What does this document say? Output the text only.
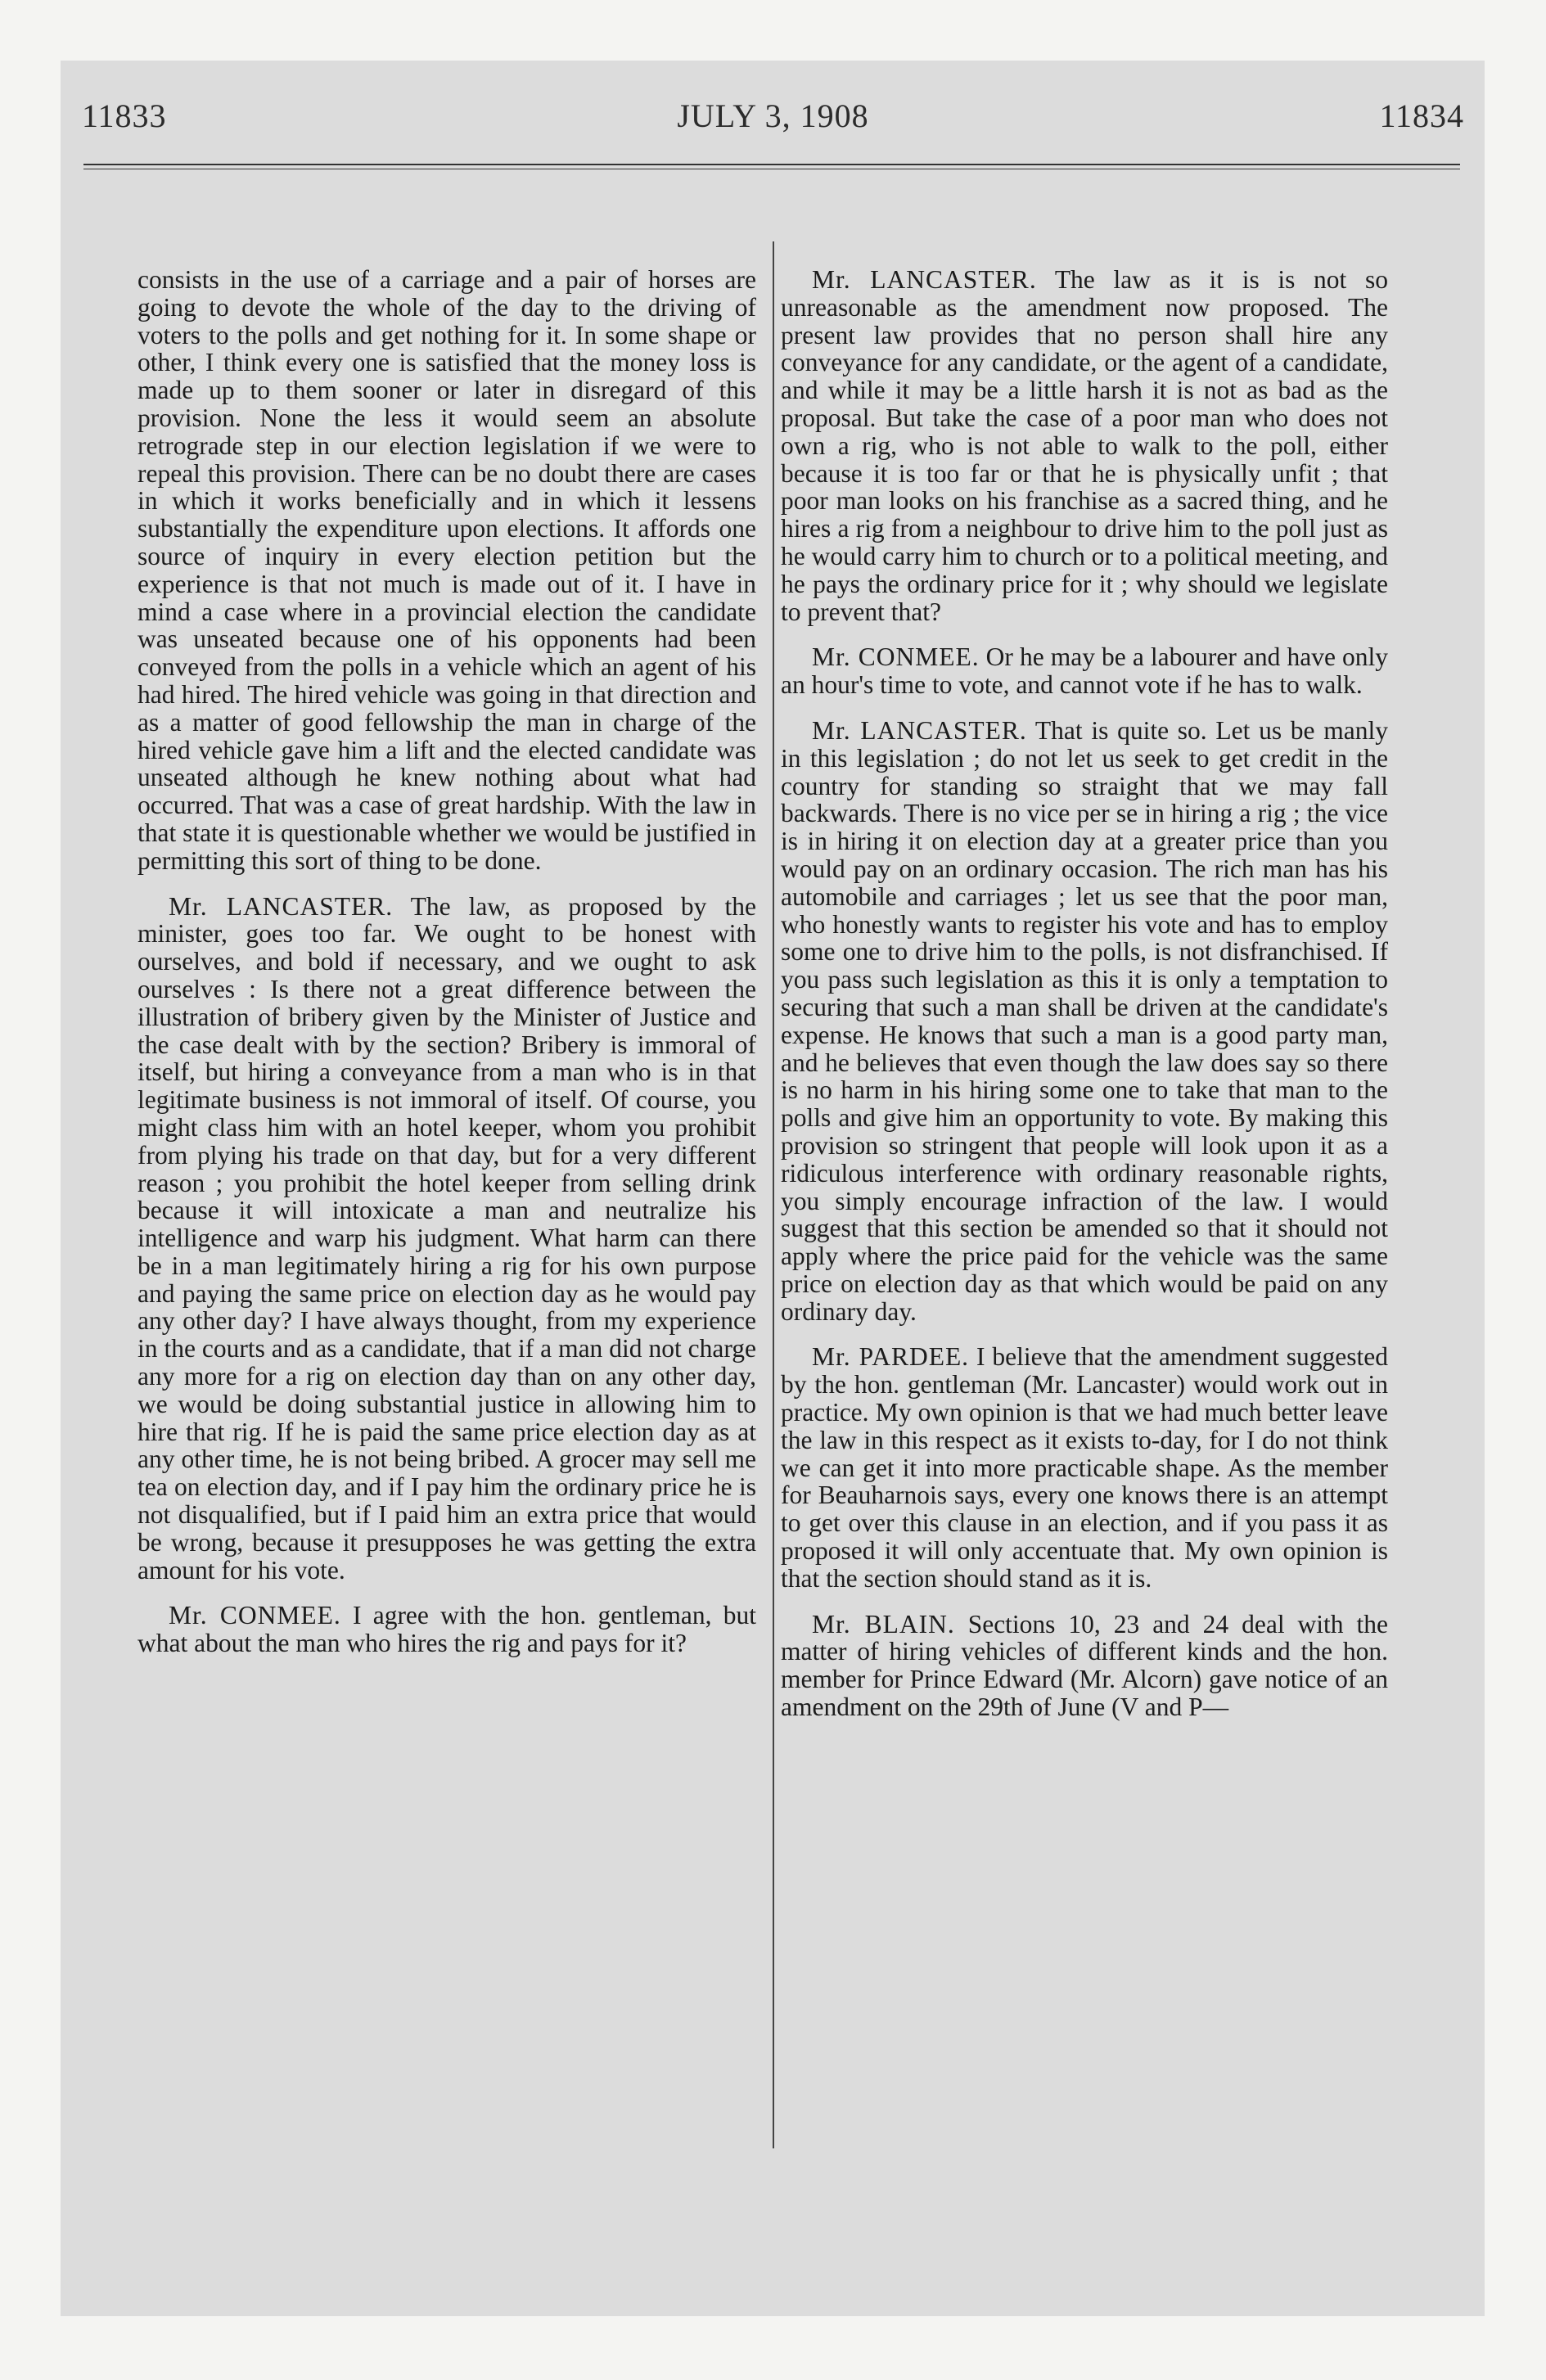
11833	JULY 3, 1908	11834

consists in the use of a carriage and a pair of horses are going to devote the whole of the day to the driving of voters to the polls and get nothing for it. In some shape or other, I think every one is satisfied that the money loss is made up to them sooner or later in disregard of this provision. None the less it would seem an absolute retrograde step in our election legislation if we were to repeal this provision. There can be no doubt there are cases in which it works beneficially and in which it lessens substantially the expenditure upon elections. It affords one source of inquiry in every election petition but the experience is that not much is made out of it. I have in mind a case where in a provincial election the candidate was unseated because one of his opponents had been conveyed from the polls in a vehicle which an agent of his had hired. The hired vehicle was going in that direction and as a matter of good fellowship the man in charge of the hired vehicle gave him a lift and the elected candidate was unseated although he knew nothing about what had occurred. That was a case of great hardship. With the law in that state it is questionable whether we would be justified in permitting this sort of thing to be done.

Mr. LANCASTER. The law, as proposed by the minister, goes too far. We ought to be honest with ourselves, and bold if necessary, and we ought to ask ourselves : Is there not a great difference between the illustration of bribery given by the Minister of Justice and the case dealt with by the section? Bribery is immoral of itself, but hiring a conveyance from a man who is in that legitimate business is not immoral of itself. Of course, you might class him with an hotel keeper, whom you prohibit from plying his trade on that day, but for a very different reason ; you prohibit the hotel keeper from selling drink because it will intoxicate a man and neutralize his intelligence and warp his judgment. What harm can there be in a man legitimately hiring a rig for his own purpose and paying the same price on election day as he would pay any other day? I have always thought, from my experience in the courts and as a candidate, that if a man did not charge any more for a rig on election day than on any other day, we would be doing substantial justice in allowing him to hire that rig. If he is paid the same price election day as at any other time, he is not being bribed. A grocer may sell me tea on election day, and if I pay him the ordinary price he is not disqualified, but if I paid him an extra price that would be wrong, because it presupposes he was getting the extra amount for his vote.

Mr. CONMEE. I agree with the hon. gentleman, but what about the man who hires the rig and pays for it?

Mr. LANCASTER. The law as it is is not so unreasonable as the amendment now proposed. The present law provides that no person shall hire any conveyance for any candidate, or the agent of a candidate, and while it may be a little harsh it is not as bad as the proposal. But take the case of a poor man who does not own a rig, who is not able to walk to the poll, either because it is too far or that he is physically unfit ; that poor man looks on his franchise as a sacred thing, and he hires a rig from a neighbour to drive him to the poll just as he would carry him to church or to a political meeting, and he pays the ordinary price for it ; why should we legislate to prevent that?

Mr. CONMEE. Or he may be a labourer and have only an hour's time to vote, and cannot vote if he has to walk.

Mr. LANCASTER. That is quite so. Let us be manly in this legislation ; do not let us seek to get credit in the country for standing so straight that we may fall backwards. There is no vice per se in hiring a rig ; the vice is in hiring it on election day at a greater price than you would pay on an ordinary occasion. The rich man has his automobile and carriages ; let us see that the poor man, who honestly wants to register his vote and has to employ some one to drive him to the polls, is not disfranchised. If you pass such legislation as this it is only a temptation to securing that such a man shall be driven at the candidate's expense. He knows that such a man is a good party man, and he believes that even though the law does say so there is no harm in his hiring some one to take that man to the polls and give him an opportunity to vote. By making this provision so stringent that people will look upon it as a ridiculous interference with ordinary reasonable rights, you simply encourage infraction of the law. I would suggest that this section be amended so that it should not apply where the price paid for the vehicle was the same price on election day as that which would be paid on any ordinary day.

Mr. PARDEE. I believe that the amendment suggested by the hon. gentleman (Mr. Lancaster) would work out in practice. My own opinion is that we had much better leave the law in this respect as it exists to-day, for I do not think we can get it into more practicable shape. As the member for Beauharnois says, every one knows there is an attempt to get over this clause in an election, and if you pass it as proposed it will only accentuate that. My own opinion is that the section should stand as it is.

Mr. BLAIN. Sections 10, 23 and 24 deal with the matter of hiring vehicles of different kinds and the hon. member for Prince Edward (Mr. Alcorn) gave notice of an amendment on the 29th of June (V and P—
